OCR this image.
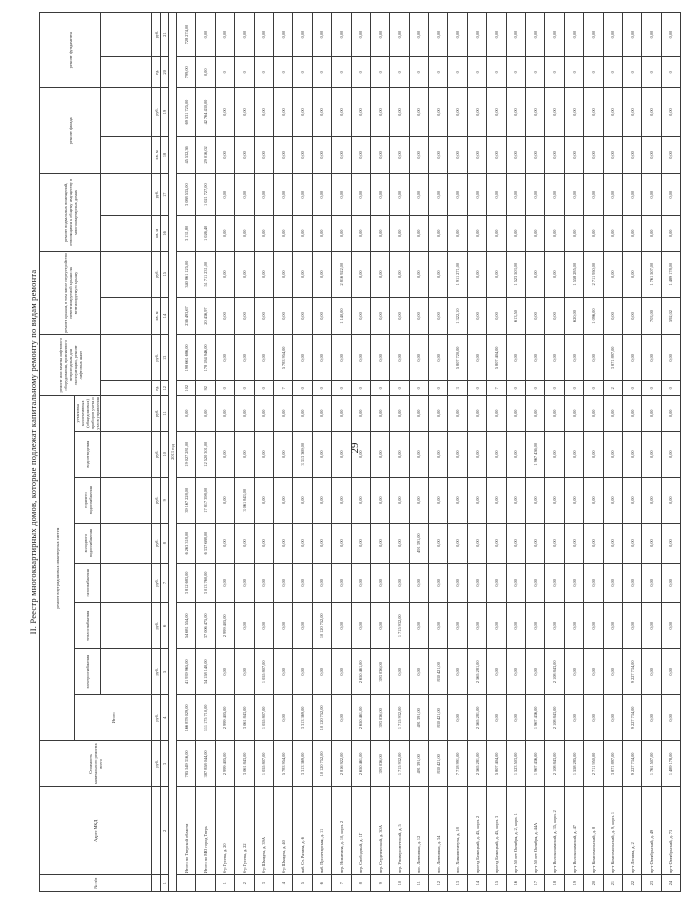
29
II. Реестр многоквартирных домов, которые подлежат капитальному ремонту по видам ремонта
№ п/п	Адрес МКД	Стоимость капитального ремонта всего	ремонт внутридомовых инженерных систем								ремонт или замена лифтового оборудования, признанного непригодным для эксплуатации, ремонт лифтовых шахт		ремонт крыши, в том числе переустройство невентилируемой крыши на вентилируемую крышу		ремонт подвальных помещений, относящихся к общему имуществу в многоквартирных домах		ремонт фасада		ремонт фундамента	
			Итого	электроснабжения	теплоснабжения	газоснабжения	холодного водоснабжения	горячего водоснабжения	водоотведения	установка коллективных (общедомовых) приборов учета и узлов управления										

		руб.	руб.	руб.	руб.	руб.	руб.	руб.	руб.	руб.	ед.	руб.	кв. м	руб.	кв. м	руб.	кв. м	руб.	ед.	руб.
1	2	3	4	5	6	7	8	9	10	11	12	13	14	15	16	17	18	19	20	21
2013 год																				
	Итого по Тверской области	785 549 316,00	166 878 029,00	41 939 965,00	54 681 554,00	3 812 683,00	6 263 318,00	39 167 228,00	19 027 281,00	0,00	102	198 661 686,00	236 493,67	340 861 125,00	3 131,80	3 088 535,00	45 532,36	69 531 725,00	799,00	728 274,00
	Итого по МО город Тверь	387 858 044,00	111 175 710,00	34 158 140,00	37 006 475,00	3 013 760,00	6 337 688,00	17 817 398,00	12 520 301,00	0,00	92	178 184 946,00	20 436,97	51 711 231,00	1 026,40	1 021 727,00	29 016,02	42 764 430,00	0,00	0,00
1	б-р Гусева, д. 20	2 999 405,00	2 999 405,00	0,00	2 999 405,00	0,00	0,00	0,00	0,00	0,00	0	0,00	0,00	0,00	0,00	0,00	0,00	0,00	0	0,00
2	б-р Гусева, д. 22	3 061 843,00	3 061 843,00	0,00	0,00	0,00	0,00	3 061 843,00	0,00	0,00	0	0,00	0,00	0,00	0,00	0,00	0,00	0,00	0	0,00
3	б-р Шмидта, д. 39А	1 055 807,00	1 055 807,00	1 055 807,00	0,00	0,00	0,00	0,00	0,00	0,00	0	0,00	0,00	0,00	0,00	0,00	0,00	0,00	0	0,00
4	б-р Шмидта, д. 40	5 783 954,00	0,00	0,00	0,00	0,00	0,00	0,00	0,00	0,00	7	5 783 954,00	0,00	0,00	0,00	0,00	0,00	0,00	0	0,00
5	наб. Ст. Разина, д. 6	3 313 369,00	3 313 369,00	0,00	0,00	0,00	0,00	0,00	3 313 369,00	0,00	0	0,00	0,00	0,00	0,00	0,00	0,00	0,00	0	0,00
6	наб. Пролетарская, д. 11	10 120 752,00	10 120 752,00	0,00	10 120 752,00	0,00	0,00	0,00	0,00	0,00	0	0,00	0,00	0,00	0,00	0,00	0,00	0,00	0	0,00
7	пер. Никитина, д. 10, корп. 2	2 816 922,00	0,00	0,00	0,00	0,00	0,00	0,00	0,00	0,00	0	0,00	1 140,00	2 816 922,00	0,00	0,00	0,00	0,00	0	0,00
8	пер. Свободный, д. 1Г	2 650 461,00	2 650 461,00	2 650 461,00	0,00	0,00	0,00	0,00	0,00	0,00	0	0,00	0,00	0,00	0,00	0,00	0,00	0,00	0	0,00
9	пер. Студенческий, д. 30А	393 036,00	393 036,00	393 036,00	0,00	0,00	0,00	0,00	0,00	0,00	0	0,00	0,00	0,00	0,00	0,00	0,00	0,00	0	0,00
10	пер. Университетский, д. 5	1 715 932,00	1 715 932,00	0,00	1 715 932,00	0,00	0,00	0,00	0,00	0,00	0	0,00	0,00	0,00	0,00	0,00	0,00	0,00	0	0,00
11	пос. Литвинки, д. 12	491 391,00	491 391,00	0,00	0,00	0,00	491 391,00	0,00	0,00	0,00	0	0,00	0,00	0,00	0,00	0,00	0,00	0,00	0	0,00
12	пос. Литвинки, д. 34	830 421,00	830 421,00	830 421,00	0,00	0,00	0,00	0,00	0,00	0,00	0	0,00	0,00	0,00	0,00	0,00	0,00	0,00	0	0,00
13	пос. Химинститута, д. 18	7 718 991,00	0,00	0,00	0,00	0,00	0,00	0,00	0,00	0,00	3	5 807 720,00	1 322,10	1 911 271,00	0,00	0,00	0,00	0,00	0	0,00
14	проезд Бежецкий, д. 45, корп. 2	2 565 281,00	2 565 281,00	2 565 281,00	0,00	0,00	0,00	0,00	0,00	0,00	0	0,00	0,00	0,00	0,00	0,00	0,00	0,00	0	0,00
15	проезд Бежецкий, д. 45, корп. 3	5 807 404,00	0,00	0,00	0,00	0,00	0,00	0,00	0,00	0,00	7	5 807 404,00	0,00	0,00	0,00	0,00	0,00	0,00	0	0,00
16	пр-т 50 лет Октября, д. 2, корп. 1	1 523 503,00	0,00	0,00	0,00	0,00	0,00	0,00	0,00	0,00	0	0,00	613,50	1 523 503,00	0,00	0,00	0,00	0,00	0	0,00
17	пр-т 50 лет Октября, д. 44А	1 967 436,00	1 967 436,00	0,00	0,00	0,00	0,00	0,00	1 967 436,00	0,00	0	0,00	0,00	0,00	0,00	0,00	0,00	0,00	0	0,00
18	пр-т Волоколамский, д. 35, корп. 2	2 108 843,00	2 108 843,00	2 108 843,00	0,00	0,00	0,00	0,00	0,00	0,00	0	0,00	0,00	0,00	0,00	0,00	0,00	0,00	0	0,00
19	пр-т Волоколамский, д. 47	1 558 285,00	0,00	0,00	0,00	0,00	0,00	0,00	0,00	0,00	0	0,00	620,00	1 558 285,00	0,00	0,00	0,00	0,00	0	0,00
20	пр-т Комсомольский, д. 8	2 711 950,00	0,00	0,00	0,00	0,00	0,00	0,00	0,00	0,00	0	0,00	1 096,00	2 711 950,00	0,00	0,00	0,00	0,00	0	0,00
21	пр-т Комсомольский, д. 9, корп. 1	3 871 897,00	0,00	0,00	0,00	0,00	0,00	0,00	0,00	0,00	2	3 871 897,00	0,00	0,00	0,00	0,00	0,00	0,00	0	0,00
22	пр-т Ленина, д. 2	9 227 734,00	9 227 734,00	9 227 734,00	0,00	0,00	0,00	0,00	0,00	0,00	0	0,00	0,00	0,00	0,00	0,00	0,00	0,00	0	0,00
23	пр-т Октябрьский, д. 49	1 761 507,00	0,00	0,00	0,00	0,00	0,00	0,00	0,00	0,00	0	0,00	703,00	1 761 507,00	0,00	0,00	0,00	0,00	0	0,00
24	пр-т Октябрьский, д. 73	1 489 178,00	0,00	0,00	0,00	0,00	0,00	0,00	0,00	0,00	0	0,00	592,02	1 489 178,00	0,00	0,00	0,00	0,00	0	0,00
